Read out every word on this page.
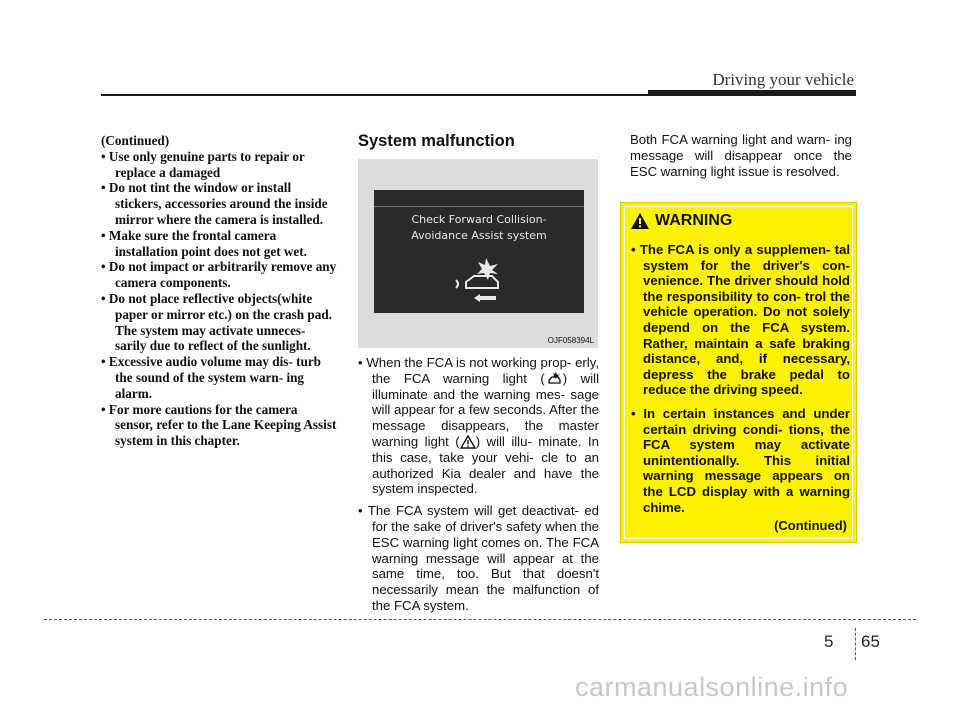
Driving your vehicle
(Continued)
• Use only genuine parts to repair or replace a damaged
• Do not tint the window or install stickers, accessories around the inside mirror where the camera is installed.
• Make sure the frontal camera installation point does not get wet.
• Do not impact or arbitrarily remove any camera components.
• Do not place reflective objects(white paper or mirror etc.) on the crash pad.
The system may activate unneces- sarily due to reflect of the sunlight.
• Excessive audio volume may dis- turb the sound of the system warn- ing alarm.
• For more cautions for the camera sensor, refer to the Lane Keeping Assist system in this chapter.
System malfunction
Check Forward Collision-
Avoidance Assist system
OJF058394L
• When the FCA is not working prop- erly, the FCA warning light ( ) will illuminate and the warning mes- sage will appear for a few seconds. After the message disappears, the master warning light ( ) will illu- minate. In this case, take your vehi- cle to an authorized Kia dealer and have the system inspected.
• The FCA system will get deactivat- ed for the sake of driver's safety when the ESC warning light comes on. The FCA warning message will appear at the same time, too. But that doesn't necessarily mean the malfunction of the FCA system.
Both FCA warning light and warn- ing message will disappear once the ESC warning light issue is resolved.
WARNING
• The FCA is only a supplemen- tal system for the driver's con- venience. The driver should hold the responsibility to con- trol the vehicle operation. Do not solely depend on the FCA system. Rather, maintain a safe braking distance, and, if necessary, depress the brake pedal to reduce the driving speed.
• In certain instances and under certain driving condi- tions, the FCA system may activate unintentionally. This initial warning message appears on the LCD display with a warning chime.
(Continued)
5 65
carmanualsonline.info
